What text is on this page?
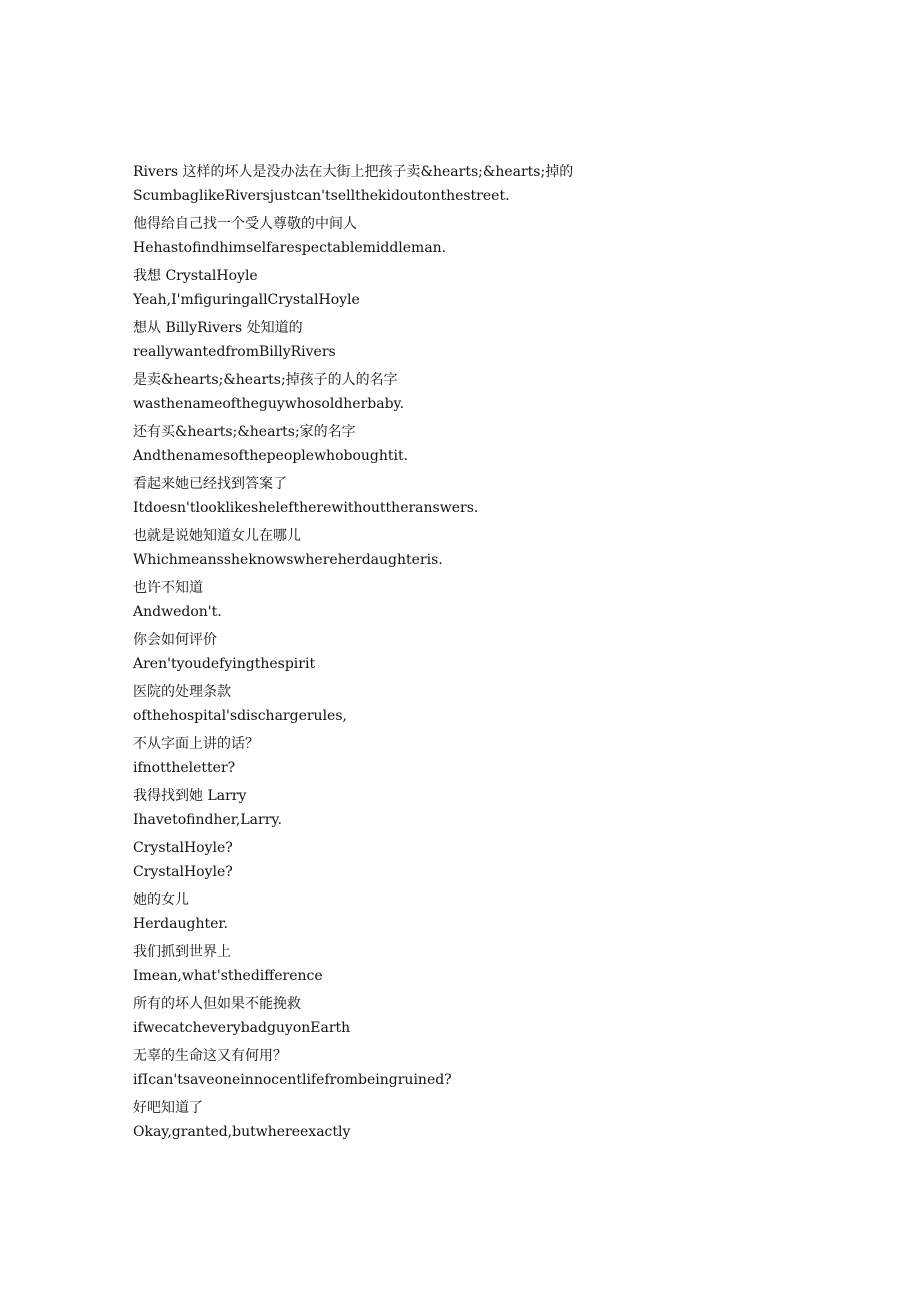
Rivers 这样的坏人是没办法在大街上把孩子卖&hearts;&hearts;掉的
ScumbaglikeRiversjustcan'tsellthekidoutonthestreet.
他得给自己找一个受人尊敬的中间人
Hehastofindhimselfarespectablemiddleman.
我想 CrystalHoyle
Yeah,I'mfiguringallCrystalHoyle
想从 BillyRivers 处知道的
reallywantedfromBillyRivers
是卖&hearts;&hearts;掉孩子的人的名字
wasthenameoftheguywhosoldherbaby.
还有买&hearts;&hearts;家的名字
Andthenamesofthepeoplewhoboughtit.
看起来她已经找到答案了
Itdoesn'tlooklikesheleftherewithouttheranswers.
也就是说她知道女儿在哪儿
Whichmeanssheknowswhereherdaughteris.
也许不知道
Andwedon't.
你会如何评价
Aren'tyoudefyingthespirit
医院的处理条款
ofthehospital'sdischargerules,
不从字面上讲的话？
ifnottheletter?
我得找到她 Larry
Ihavetofindher,Larry.
CrystalHoyle?
CrystalHoyle?
她的女儿
Herdaughter.
我们抓到世界上
Imean,what'sthedifference
所有的坏人但如果不能挽救
ifwecatcheverybadguyonEarth
无辜的生命这又有何用？
ifIcan'tsaveoneinnocentlifefrombeingruined?
好吧知道了
Okay,granted,butwhereexactly
